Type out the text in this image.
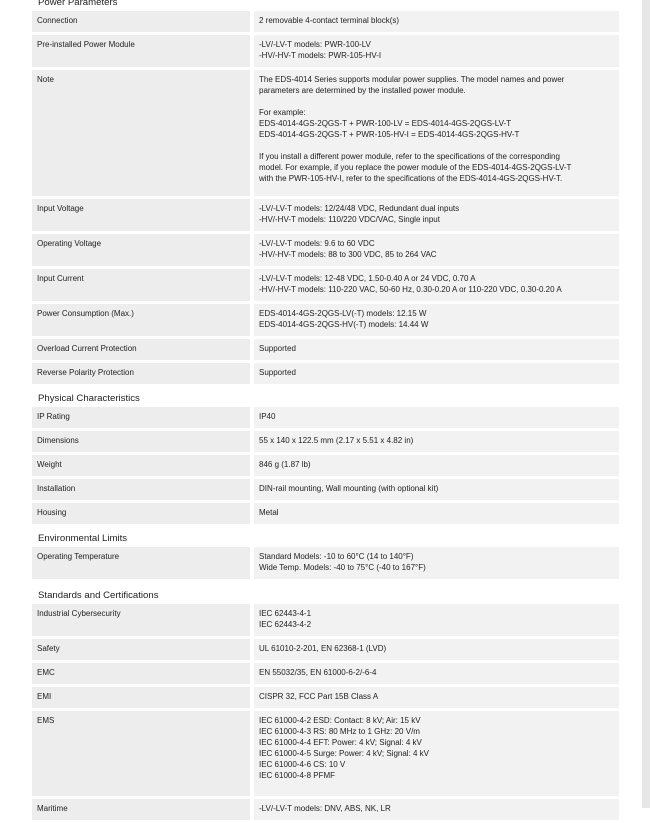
Power Parameters
Connection	2 removable 4-contact terminal block(s)
Pre-installed Power Module	-LV/-LV-T models: PWR-100-LV
-HV/-HV-T models: PWR-105-HV-I
Note	The EDS-4014 Series supports modular power supplies. The model names and power
parameters are determined by the installed power module.
For example:
EDS-4014-4GS-2QGS-T + PWR-100-LV = EDS-4014-4GS-2QGS-LV-T
EDS-4014-4GS-2QGS-T + PWR-105-HV-I = EDS-4014-4GS-2QGS-HV-T
If you install a different power module, refer to the specifications of the corresponding
model. For example, if you replace the power module of the EDS-4014-4GS-2QGS-LV-T
with the PWR-105-HV-I, refer to the specifications of the EDS-4014-4GS-2QGS-HV-T.
Input Voltage	-LV/-LV-T models: 12/24/48 VDC, Redundant dual inputs
-HV/-HV-T models: 110/220 VDC/VAC, Single input
Operating Voltage	-LV/-LV-T models: 9.6 to 60 VDC
-HV/-HV-T models: 88 to 300 VDC, 85 to 264 VAC
Input Current	-LV/-LV-T models: 12-48 VDC, 1.50-0.40 A or 24 VDC, 0.70 A
-HV/-HV-T models: 110-220 VAC, 50-60 Hz, 0.30-0.20 A or 110-220 VDC, 0.30-0.20 A
Power Consumption (Max.)	EDS-4014-4GS-2QGS-LV(-T) models: 12.15 W
EDS-4014-4GS-2QGS-HV(-T) models: 14.44 W
Overload Current Protection	Supported
Reverse Polarity Protection	Supported
Physical Characteristics
IP Rating	IP40
Dimensions	55 x 140 x 122.5 mm (2.17 x 5.51 x 4.82 in)
Weight	846 g (1.87 lb)
Installation	DIN-rail mounting, Wall mounting (with optional kit)
Housing	Metal
Environmental Limits
Operating Temperature	Standard Models: -10 to 60°C (14 to 140°F)
Wide Temp. Models: -40 to 75°C (-40 to 167°F)
Standards and Certifications
Industrial Cybersecurity	IEC 62443-4-1
IEC 62443-4-2
Safety	UL 61010-2-201, EN 62368-1 (LVD)
EMC	EN 55032/35, EN 61000-6-2/-6-4
EMI	CISPR 32, FCC Part 15B Class A
EMS	IEC 61000-4-2 ESD: Contact: 8 kV; Air: 15 kV
IEC 61000-4-3 RS: 80 MHz to 1 GHz: 20 V/m
IEC 61000-4-4 EFT: Power: 4 kV; Signal: 4 kV
IEC 61000-4-5 Surge: Power: 4 kV; Signal: 4 kV
IEC 61000-4-6 CS: 10 V
IEC 61000-4-8 PFMF
Maritime	-LV/-LV-T models: DNV, ABS, NK, LR
